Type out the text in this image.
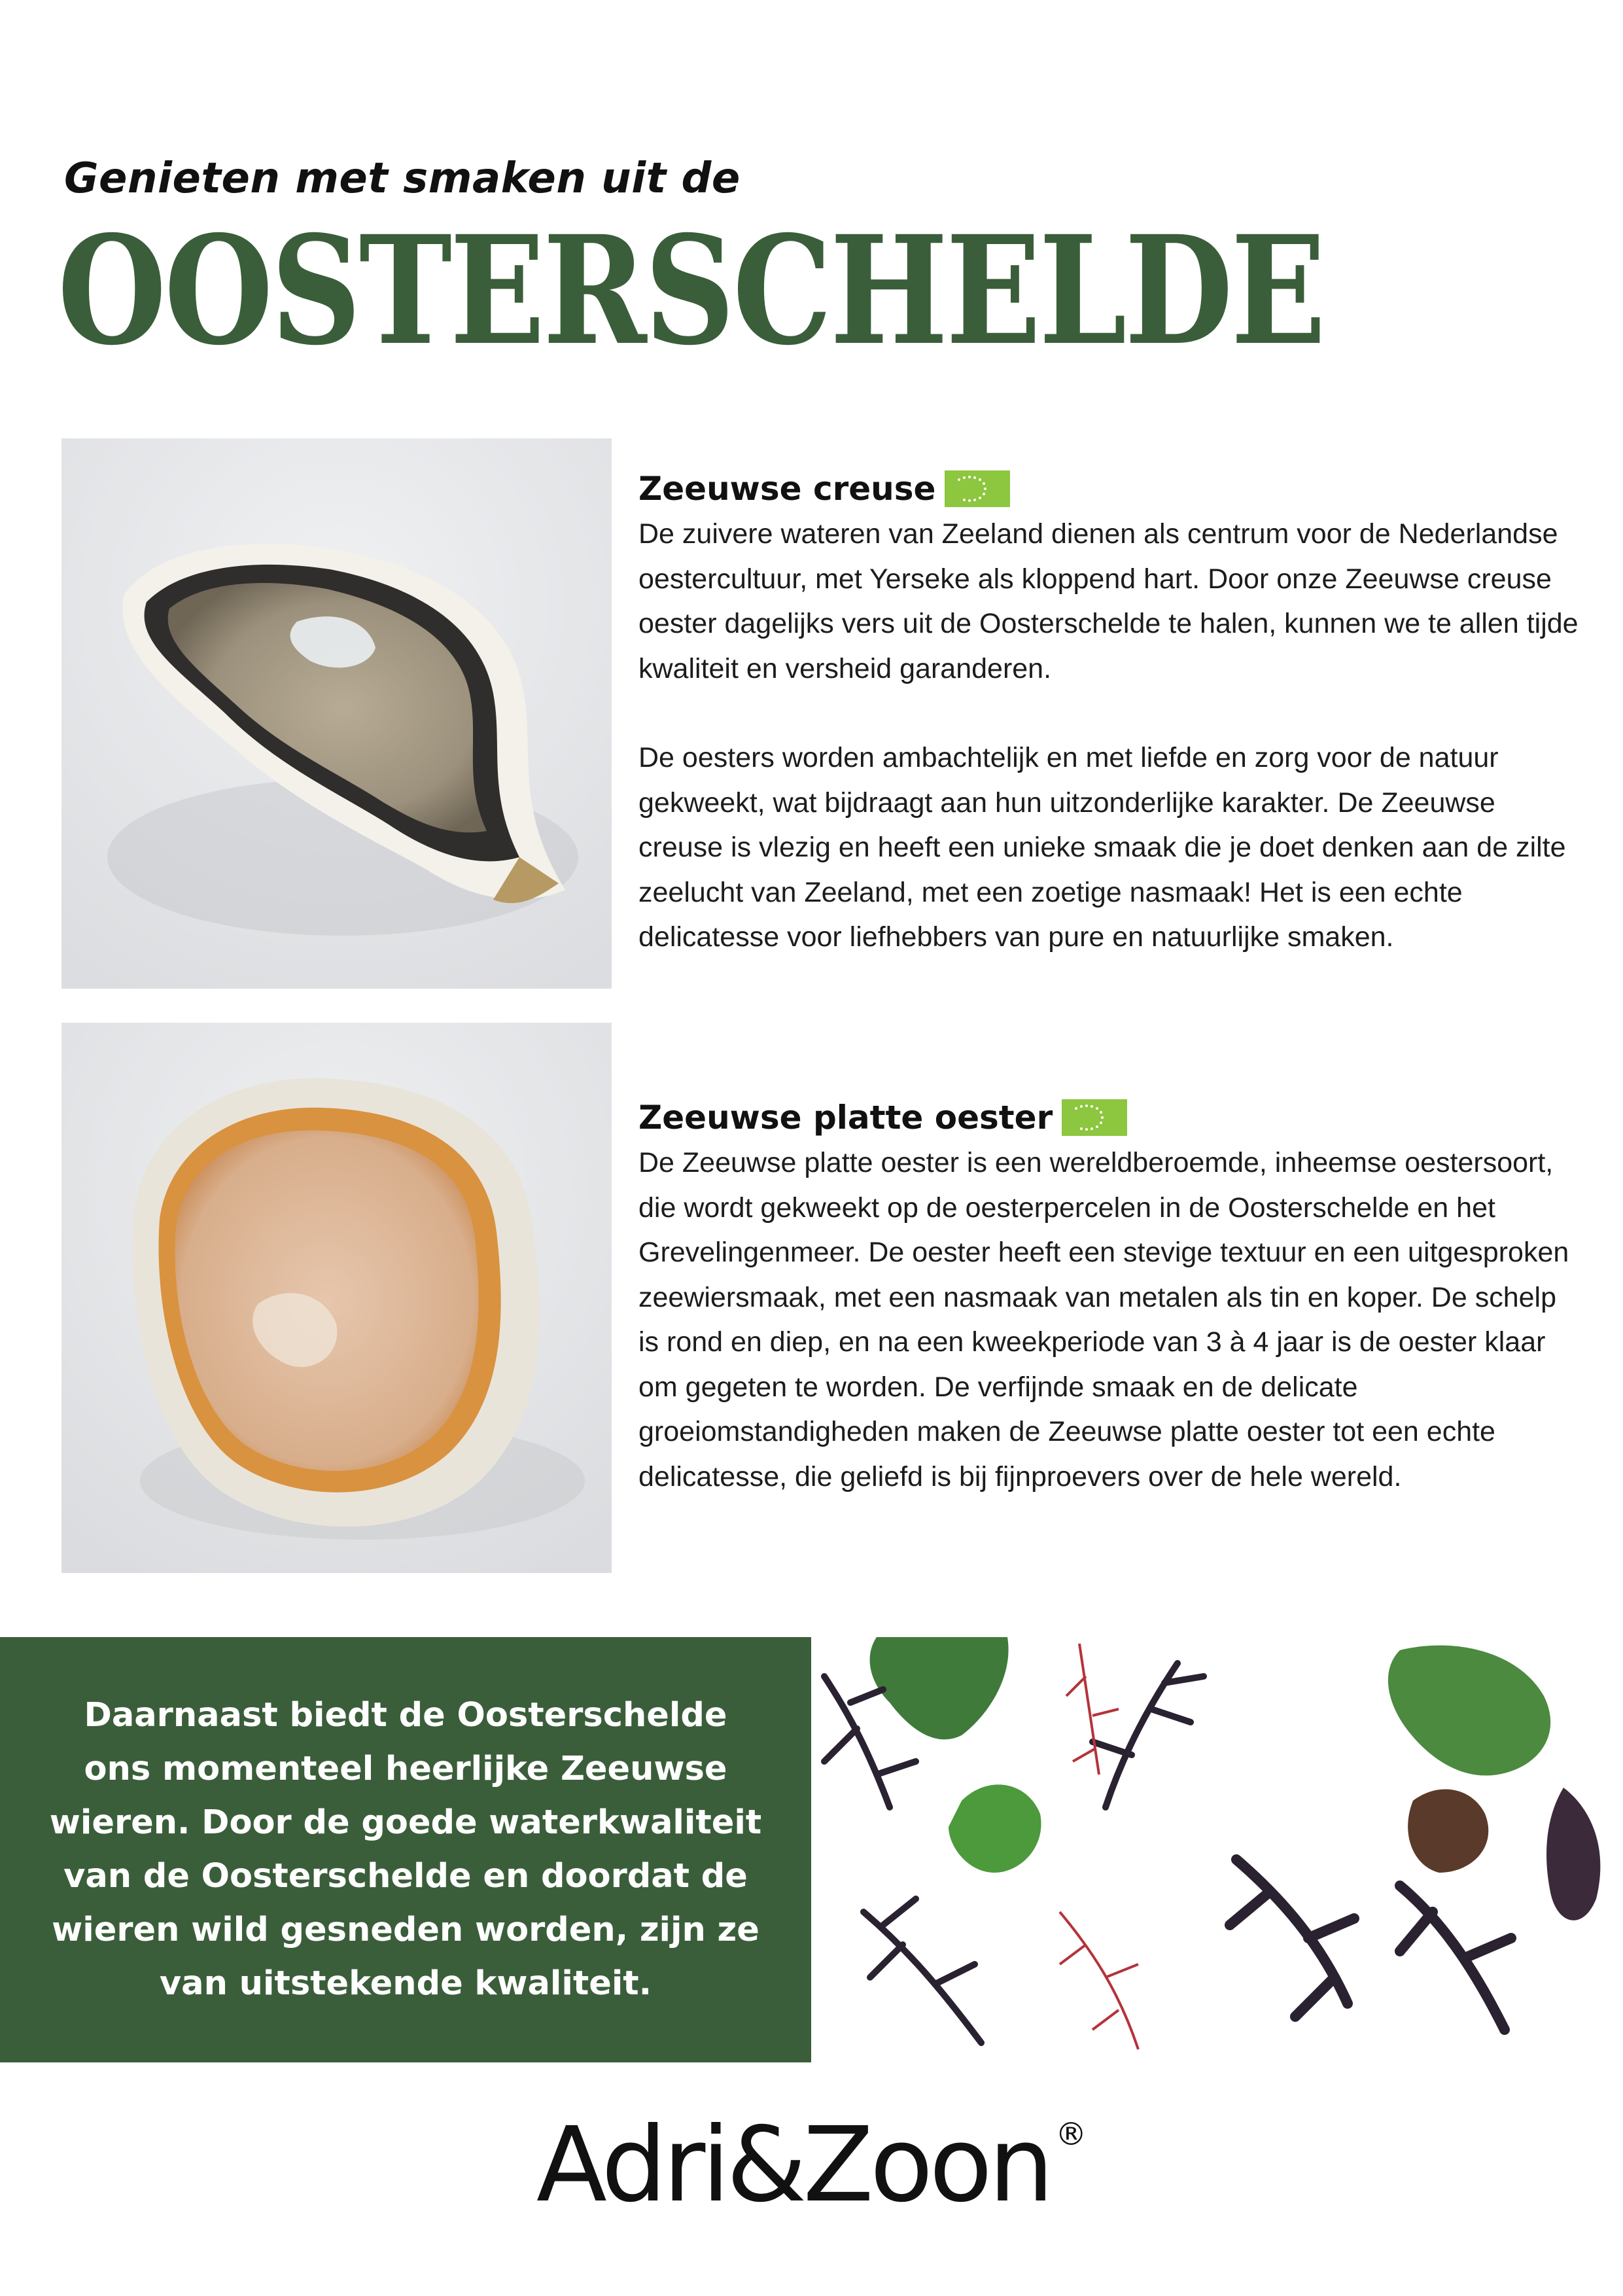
Genieten met smaken uit de
OOSTERSCHELDE
Zeeuwse creuse

De zuivere wateren van Zeeland dienen als centrum voor de Nederlandse oestercultuur, met Yerseke als kloppend hart. Door onze Zeeuwse creuse oester dagelijks vers uit de Oosterschelde te halen, kunnen we te allen tijde kwaliteit en versheid garanderen.

De oesters worden ambachtelijk en met liefde en zorg voor de natuur gekweekt, wat bijdraagt aan hun uitzonderlijke karakter. De Zeeuwse creuse is vlezig en heeft een unieke smaak die je doet denken aan de zilte zeelucht van Zeeland, met een zoetige nasmaak! Het is een echte delicatesse voor liefhebbers van pure en natuurlijke smaken.

Zeeuwse platte oester

De Zeeuwse platte oester is een wereldberoemde, inheemse oestersoort, die wordt gekweekt op de oesterpercelen in de Oosterschelde en het Grevelingenmeer. De oester heeft een stevige textuur en een uitgesproken zeewiersmaak, met een nasmaak van metalen als tin en koper. De schelp is rond en diep, en na een kweekperiode van 3 à 4 jaar is de oester klaar om gegeten te worden. De verfijnde smaak en de delicate groeiomstandigheden maken de Zeeuwse platte oester tot een echte delicatesse, die geliefd is bij fijnproevers over de hele wereld.

Daarnaast biedt de Oosterschelde ons momenteel heerlijke Zeeuwse wieren. Door de goede waterkwaliteit van de Oosterschelde en doordat de wieren wild gesneden worden, zijn ze van uitstekende kwaliteit.

Adri&Zoon ®
